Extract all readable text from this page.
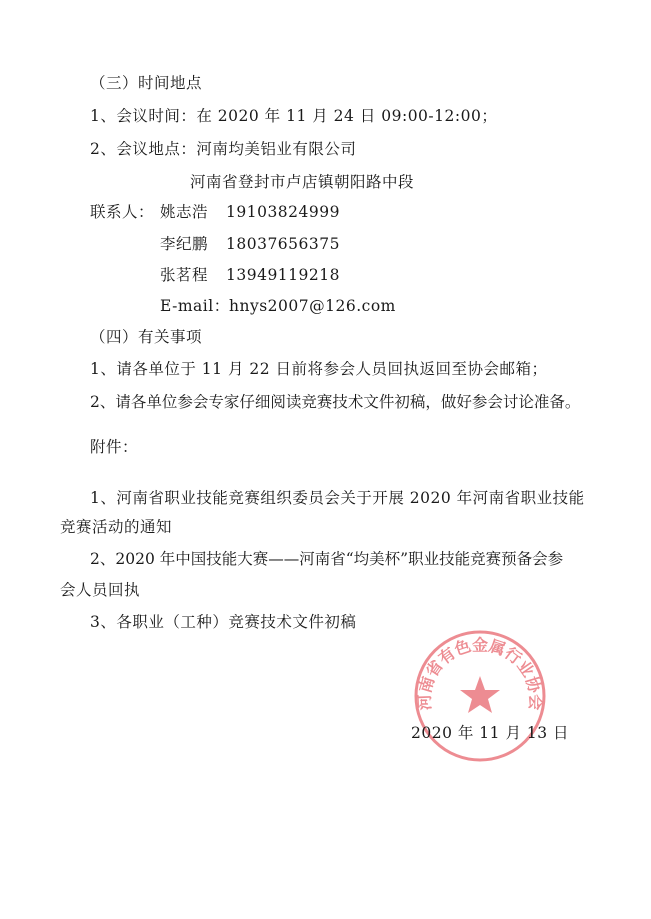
（三）时间地点
1、会议时间：在 2020 年 11 月 24 日 09:00-12:00；
2、会议地点：河南均美铝业有限公司
河南省登封市卢店镇朝阳路中段
联系人： 姚志浩 19103824999
李纪鹏 18037656375
张茗程 13949119218
E-mail： hnys2007@126.com
（四）有关事项
1、请各单位于 11 月 22 日前将参会人员回执返回至协会邮箱；
2、请各单位参会专家仔细阅读竞赛技术文件初稿，做好参会讨论准备。
附件：
1、河南省职业技能竞赛组织委员会关于开展 2020 年河南省职业技能
竞赛活动的通知
2、2020 年中国技能大赛——河南省“均美杯”职业技能竞赛预备会参
会人员回执
3、各职业（工种）竞赛技术文件初稿
河南省有色金属行业协会
2020 年 11 月 13 日
